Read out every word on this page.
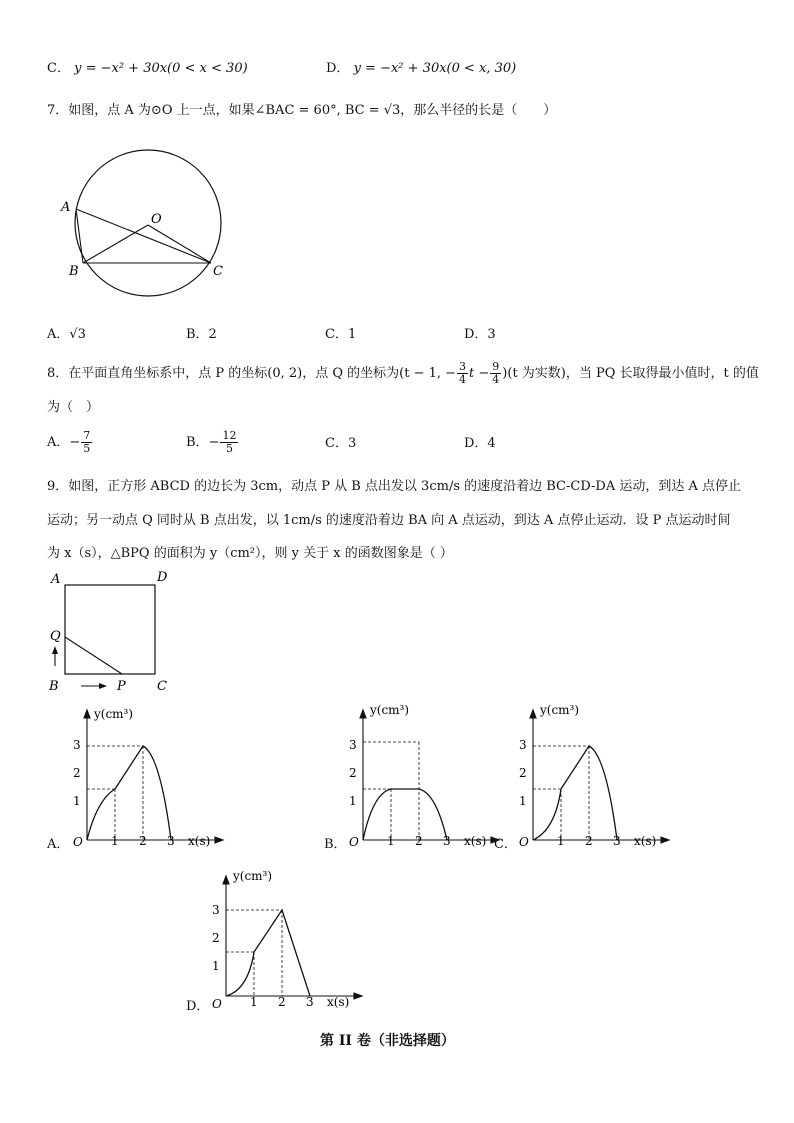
C． y = −x² + 30x(0 < x < 30)	D． y = −x² + 30x(0 < x, 30)
7．如图，点 A 为⊙O 上一点，如果∠BAC = 60°, BC = √3，那么半径的长是（　　）
A
O
B	C
A．√3	B．2	C．1	D．3
8．在平面直角坐标系中，点 P 的坐标(0, 2)，点 Q 的坐标为(t − 1, − $\frac{3}{4}$ $t - \frac{9}{4} )(t$ 为实数)，当 PQ 长取得最小值时，t 的值
为（　）
A．− $\frac{7}{5}$	B．− $\frac{12}{5}$	C．3	D．4
9．如图，正方形 ABCD 的边长为 3cm，动点 P 从 B 点出发以 3cm/s 的速度沿着边 BC-CD-DA 运动，到达 A 点停止
运动；另一动点 Q 同时从 B 点出发，以 1cm/s 的速度沿着边 BA 向 A 点运动，到达 A 点停止运动．设 P 点运动时间
为 x（s），△BPQ 的面积为 y（cm²），则 y 关于 x 的函数图象是（ ）
A	D
Q
B	P C
y(cm³)
x(s)
O
1
2
3
1 2 3
A．
y(cm³)
x(s)
O
1
2
3
1 2 3
B．
y(cm³)
x(s)
O
1
2
3
1 2 3
C．
y(cm³)
x(s)
O
1
2
3
1 2 3
D．
第 II 卷（非选择题）
